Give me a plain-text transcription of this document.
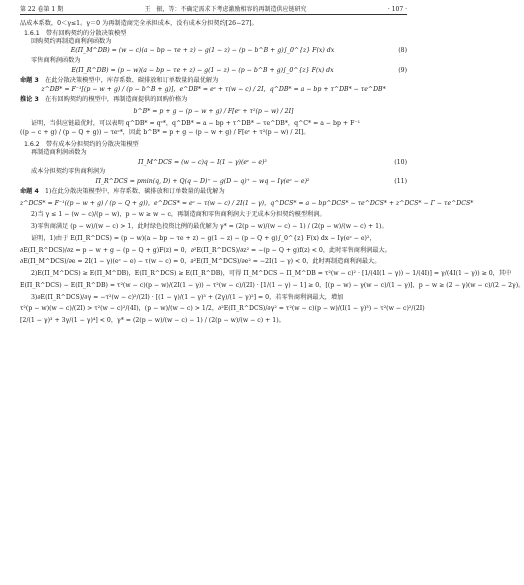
第 22 卷第 1 期	王　振，等：不确定需求下考虑激励相容的再制造供应链研究	· 107 ·
品成本系数，0＜γ≤1。γ＝0 为再制造商完全承担成本，没有成本分担契约[26−27]。
1.6.1　带有回购契约的分散决策模型
回购契约再制造商利润函数为
E(Π_M^DB) = (w − c)(a − bp − τe + z) − g(1 − z) − (p − b^B + g)∫_0^{z} F(x) dx	(8)
零售商利润函数为
E(Π_R^DB) = (p − w)(a − bp − τe + z) − g(1 − z) − (p − b^B + g)∫_0^{z} F(x) dx	(9)
命题 3　 在此分散决策模型中，库存系数、碳排放和订单数量的最优解为
z^DB* = F⁻¹[(p − w + g) / (p − b^B + g)]，e^DB* = eᶜ + τ(w − c) / 2I，q^DB* = a − bp + τ^DB* − τe^DB*
推论 3　 在有回购契约的模型中，再制造商提供的回购价格为
b^B* = p + g − (p − w + g) / F[eᶜ + τ²(p − w) / 2I]
证明，当供应链最优时，可以表明 q^DB* = qᶜ*，q^DB* = a − bp + τ^DB* − τe^DB*，q^C* = a − bp + F⁻¹
((p − c + g) / (p − Q + g)) − τeᶜ*，因此 b^B* = p + g − (p − w + g) / F[eᶜ + τ²(p − w) / 2I]。
1.6.2　带有成本分担契约的分散决策模型
再制造商利润函数为
Π_M^DCS = (w − c)q − I(1 − γ)(eᶜ − e)²	(10)
成本分担契约零售商利润为
Π_R^DCS = pmin(q, D) + Q(q − D)⁺ − g(D − q)⁺ − wq − Iγ(eᶜ − e)²	(11)
命题 4　 1)在此分散决策模型中，库存系数、碳排放和订单数量的最优解为
z^DCS* = F⁻¹((p − w + g) / (p − Q + g))，e^DCS* = eᶜ − τ(w − c) / 2I(1 − γ)，q^DCS* = a − bp^DCS* − τe^DCS* + z^DCS* − Γ − τe^DCS*
2)当 γ ≤ 1 − (w − c)/(p − w)，p − w ≥ w − c，再制造商和零售商利润大于无成本分担契约模型利润。
3)零售商满足 (p − w)/(w − c) > 1，此时绿色投资比例的最优解为 γ* = (2(p − w)/(w − c) − 1) / (2(p − w)/(w − c) + 1)。
证明，1)由于 E(Π_R^DCS) = (p − w)(a − bp − τe + z) − g(1 − z) − (p − Q + g)∫_0^{z} F(x) dx − Iγ(eᶜ − e)²，
∂E(Π_R^DCS)/∂z = p − w + g − (p − Q + g)F(z) = 0，∂²E(Π_R^DCS)/∂z² = −(p − Q + g)f(z) < 0，此时零售商利润最大。
∂E(Π_M^DCS)/∂e = 2I(1 − γ)(eᶜ − e) − τ(w − c) = 0，∂²E(Π_M^DCS)/∂e² = −2I(1 − γ) < 0，此时再制造商利润最大。
2)E(Π_M^DCS) ≥ E(Π_M^DB)，E(Π_R^DCS) ≥ E(Π_R^DB)，可得 Π_M^DCS − Π_M^DB = τ²(w − c)² · [1/(4I(1 − γ)) − 1/(4I)] = γ/(4I(1 − γ)) ≥ 0，其中
E(Π_R^DCS) − E(Π_R^DB) = τ²(w − c)(p − w)/(2I(1 − γ)) − τ²(w − c)/(2I) · [1/(1 − γ) − 1] ≥ 0，[(p − w) − γ(w − c)/(1 − γ)]，p − w ≥ (2 − γ)(w − c)/(2 − 2γ)。
3)∂E(Π_R^DCS)/∂γ = −τ²(w − c)²/(2I) · [(1 − γ)/(1 − γ)³ + (2γ)/(1 − γ)²] = 0，若零售商利润最大，增加
τ²(p − w)(w − c)/(2I) > τ²(w − c)²/(4I)，(p − w)/(w − c) > 1/2，∂²E(Π_R^DCS)/∂γ² = τ²(w − c)(p − w)/(I(1 − γ)³) − τ²(w − c)²/(2I)
[2/(1 − γ)³ + 3γ/(1 − γ)⁴] < 0，γ* = (2(p − w)/(w − c) − 1) / (2(p − w)/(w − c) + 1)。
